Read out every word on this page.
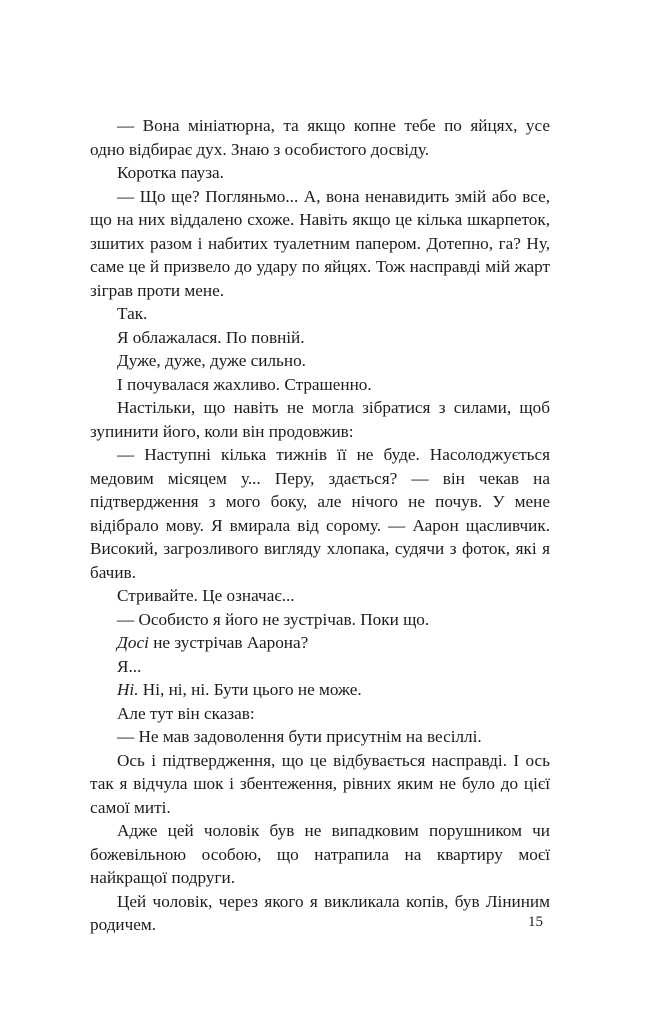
— Вона мініатюрна, та якщо копне тебе по яйцях, усе одно відбирає дух. Знаю з особистого досвіду.

Коротка пауза.

— Що ще? Погляньмо... А, вона ненавидить змій або все, що на них віддалено схоже. Навіть якщо це кілька шкарпеток, зшитих разом і набитих туалетним папером. Дотепно, га? Ну, саме це й призвело до удару по яйцях. Тож насправді мій жарт зіграв проти мене.

Так.

Я облажалася. По повній.

Дуже, дуже, дуже сильно.

І почувалася жахливо. Страшенно.

Настільки, що навіть не могла зібратися з силами, щоб зупинити його, коли він продовжив:

— Наступні кілька тижнів її не буде. Насолоджується медовим місяцем у... Перу, здається? — він чекав на підтвердження з мого боку, але нічого не почув. У мене відібрало мову. Я вмирала від сорому. — Аарон щасливчик. Високий, загрозливого вигляду хлопака, судячи з фоток, які я бачив.

Стривайте. Це означає...

— Особисто я його не зустрічав. Поки що.

Досі не зустрічав Аарона?

Я...

Ні. Ні, ні, ні. Бути цього не може.

Але тут він сказав:

— Не мав задоволення бути присутнім на весіллі.

Ось і підтвердження, що це відбувається насправді. І ось так я відчула шок і збентеження, рівних яким не було до цієї самої миті.

Адже цей чоловік був не випадковим порушником чи божевільною особою, що натрапила на квартиру моєї найкращої подруги.

Цей чоловік, через якого я викликала копів, був Ліниним родичем.	15
